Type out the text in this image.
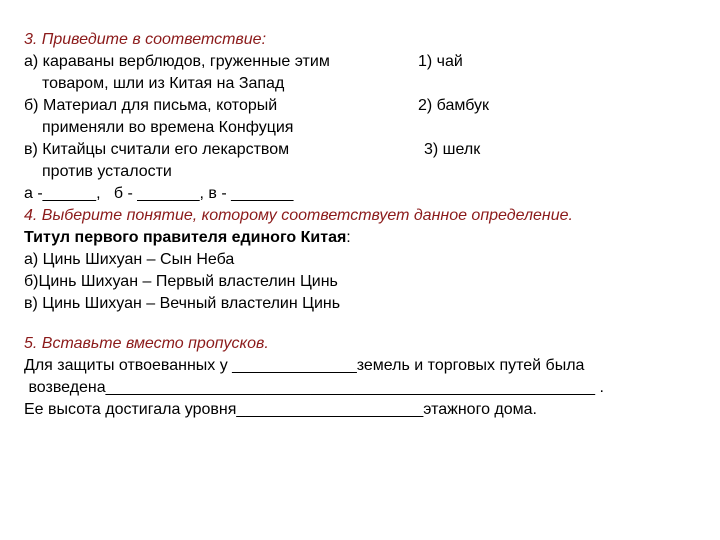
3. Приведите в соответствие:
а) караваны верблюдов, груженные этим
товаром, шли из Китая на Запад
б) Материал для письма, который
применяли во времена Конфуция
в) Китайцы считали его лекарством
против усталости
а -______,   б - _______, в - _______
1) чай
2) бамбук
3) шелк
4. Выберите понятие, которому соответствует данное определение.
Титул первого правителя единого Китая:
а) Цинь Шихуан – Сын Неба
б)Цинь Шихуан – Первый властелин Цинь
в) Цинь Шихуан – Вечный властелин Цинь
5. Вставьте вместо пропусков.
Для защиты отвоеванных у ______________земель и торговых путей была
возведена_______________________________________________________ .
Ее высота достигала уровня_____________________этажного дома.
